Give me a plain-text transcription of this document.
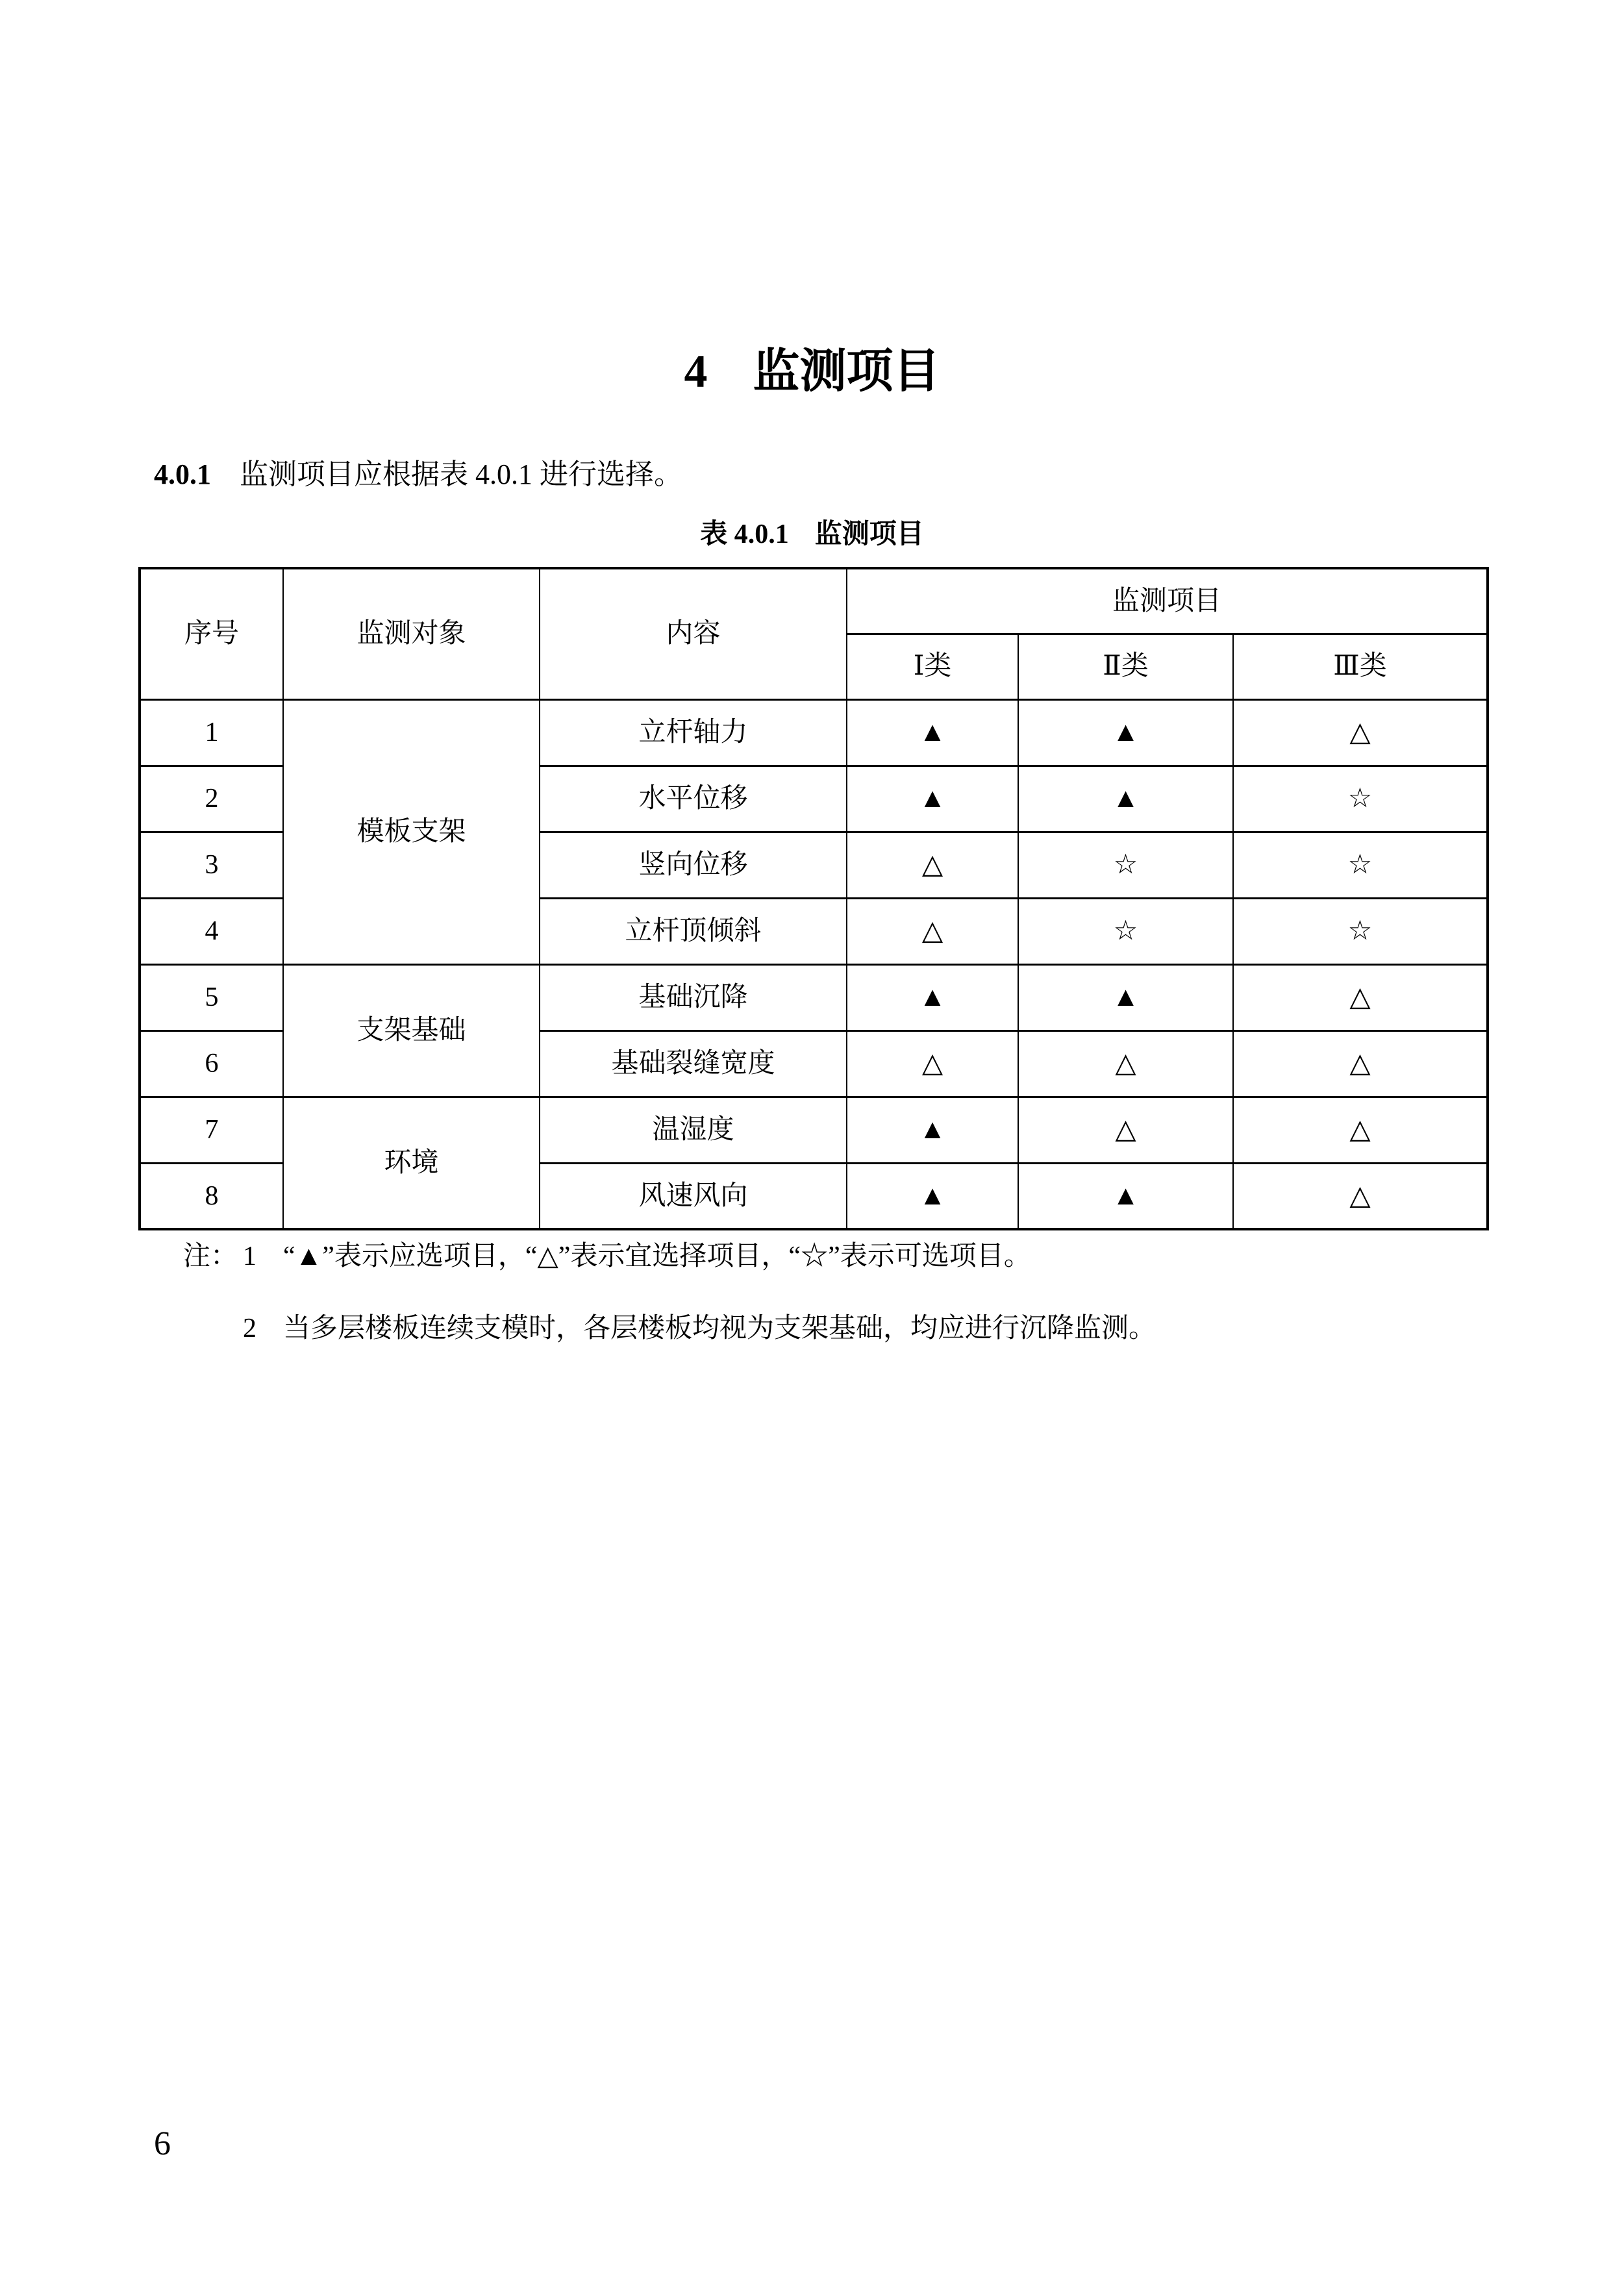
4 监测项目

4.0.1 监测项目应根据表 4.0.1 进行选择。

表 4.0.1 监测项目
序号	监测对象	内容	监测项目		
			Ⅰ类	Ⅱ类	Ⅲ类
1	模板支架	立杆轴力	▲	▲	△
2		水平位移	▲	▲	☆
3		竖向位移	△	☆	☆
4		立杆顶倾斜	△	☆	☆
5	支架基础	基础沉降	▲	▲	△
6		基础裂缝宽度	△	△	△
7	环境	温湿度	▲	△	△
8		风速风向	▲	▲	△
注： 1 “▲”表示应选项目，“△”表示宜选择项目，“☆”表示可选项目。
2 当多层楼板连续支模时，各层楼板均视为支架基础，均应进行沉降监测。
6
